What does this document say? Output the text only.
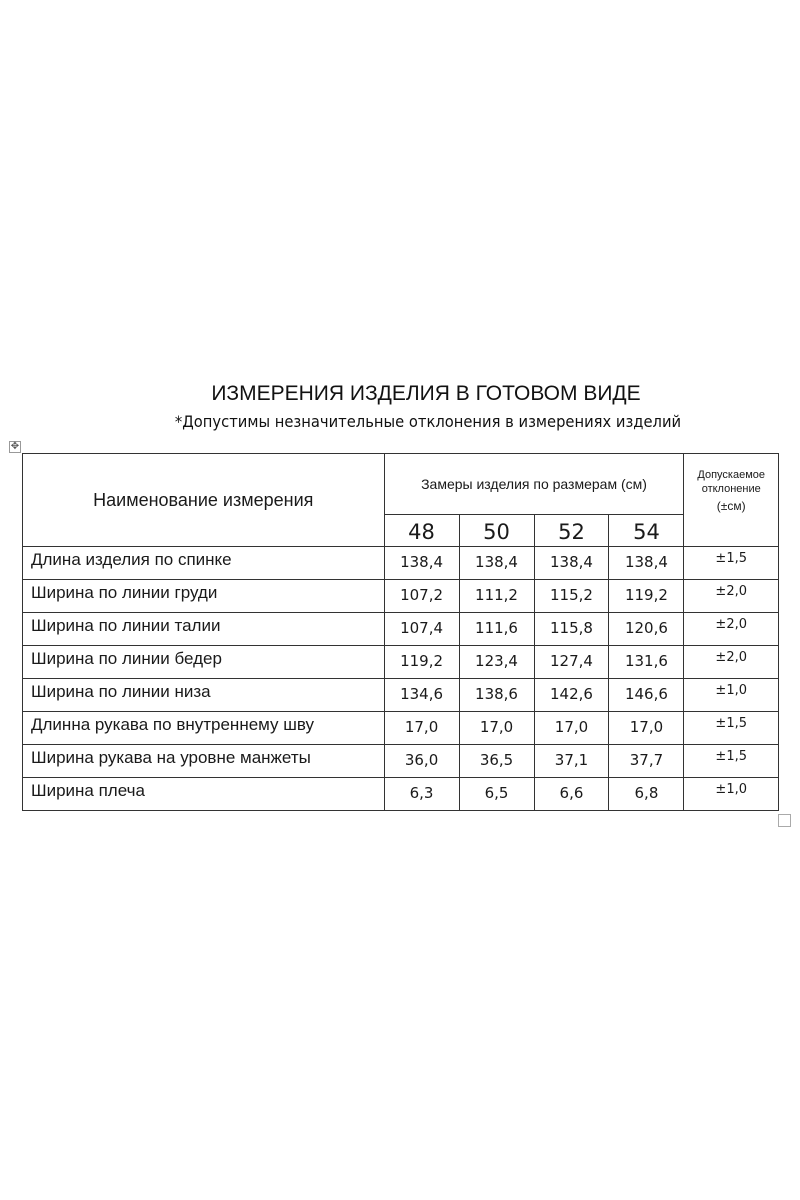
ИЗМЕРЕНИЯ ИЗДЕЛИЯ В ГОТОВОМ ВИДЕ
*Допустимы незначительные отклонения в измерениях изделий
✥
Наименование измерения	Замеры изделия по размерам (см)				Допускаемое
отклонение
(±см)

	48	50	52	54	
Длина изделия по спинке	138,4	138,4	138,4	138,4	±1,5
Ширина по линии груди	107,2	111,2	115,2	119,2	±2,0
Ширина по линии талии	107,4	111,6	115,8	120,6	±2,0
Ширина по линии бедер	119,2	123,4	127,4	131,6	±2,0
Ширина по линии низа	134,6	138,6	142,6	146,6	±1,0
Длинна рукава по внутреннему шву	17,0	17,0	17,0	17,0	±1,5
Ширина рукава на уровне манжеты	36,0	36,5	37,1	37,7	±1,5
Ширина плеча	6,3	6,5	6,6	6,8	±1,0
